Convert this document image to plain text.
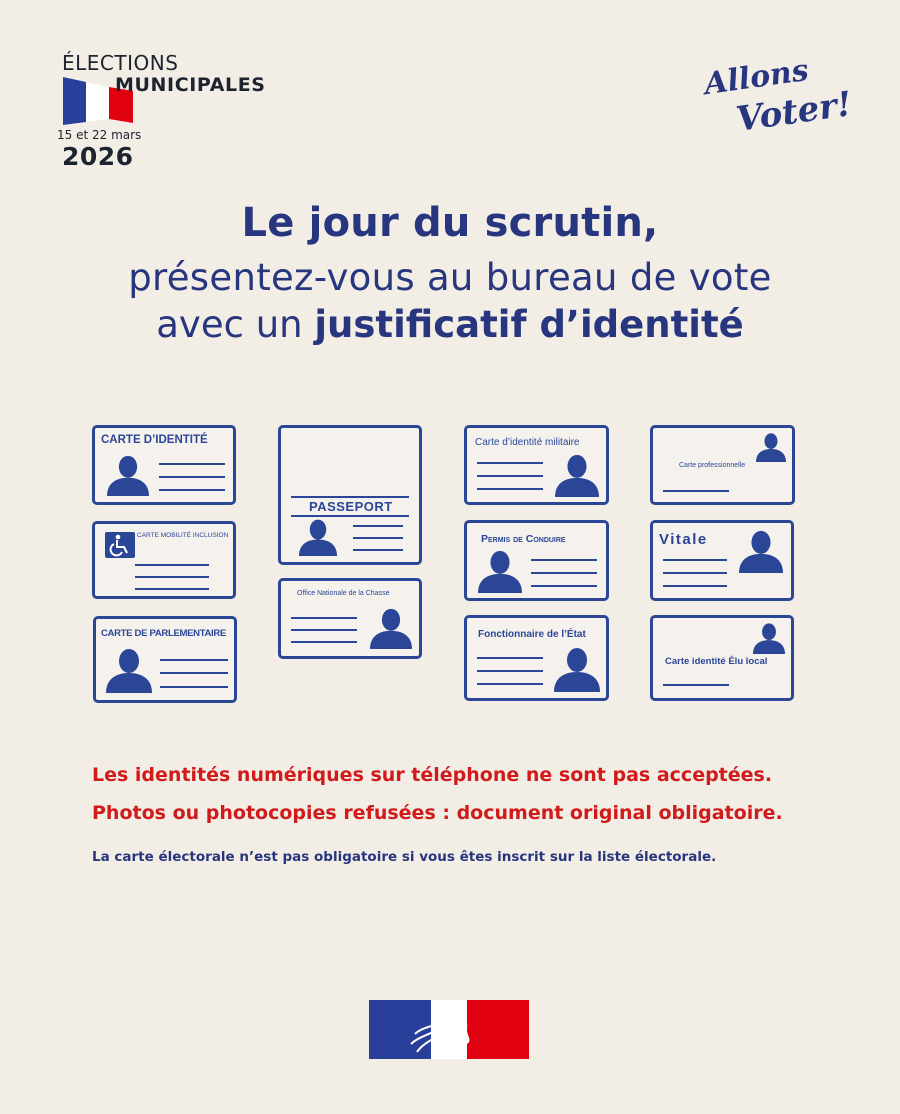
ÉLECTIONS
MUNICIPALES
15 et 22 mars
2026
Allons
Voter!
Le jour du scrutin,
présentez-vous au bureau de vote
avec un justificatif d’identité
CARTE D’IDENTITÉ
CARTE MOBILITÉ INCLUSION
CARTE DE PARLEMENTAIRE
PASSEPORT
Office Nationale de la Chasse
Carte d’identité militaire
Permis de Conduire
Fonctionnaire de l’État
Carte professionnelle
Vitale
Carte identité Élu local
Les identités numériques sur téléphone ne sont pas acceptées.
Photos ou photocopies refusées : document original obligatoire.
La carte électorale n’est pas obligatoire si vous êtes inscrit sur la liste électorale.
